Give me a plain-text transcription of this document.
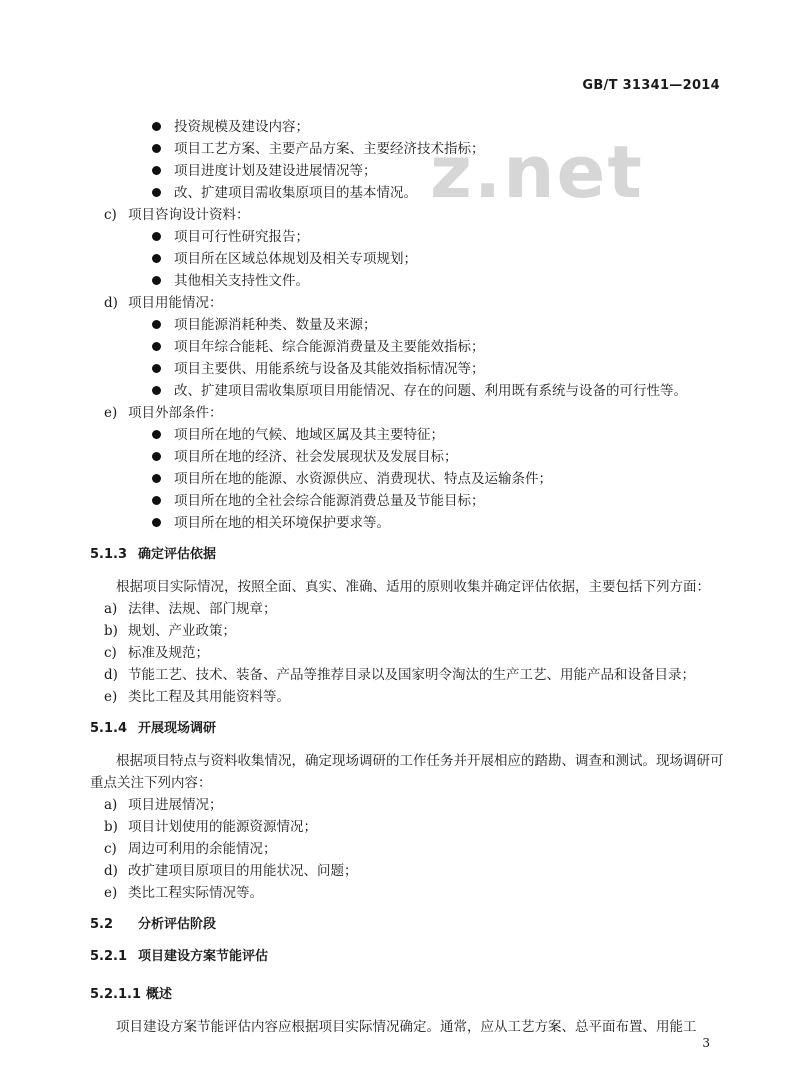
GB/T 31341—2014
z.net
投资规模及建设内容；
项目工艺方案、主要产品方案、主要经济技术指标；
项目进度计划及建设进展情况等；
改、扩建项目需收集原项目的基本情况。
c) 项目咨询设计资料：
项目可行性研究报告；
项目所在区域总体规划及相关专项规划；
其他相关支持性文件。
d) 项目用能情况：
项目能源消耗种类、数量及来源；
项目年综合能耗、综合能源消费量及主要能效指标；
项目主要供、用能系统与设备及其能效指标情况等；
改、扩建项目需收集原项目用能情况、存在的问题、利用既有系统与设备的可行性等。
e) 项目外部条件：
项目所在地的气候、地域区属及其主要特征；
项目所在地的经济、社会发展现状及发展目标；
项目所在地的能源、水资源供应、消费现状、特点及运输条件；
项目所在地的全社会综合能源消费总量及节能目标；
项目所在地的相关环境保护要求等。
5.1.3 确定评估依据
根据项目实际情况，按照全面、真实、准确、适用的原则收集并确定评估依据，主要包括下列方面：
a) 法律、法规、部门规章；
b) 规划、产业政策；
c) 标准及规范；
d) 节能工艺、技术、装备、产品等推荐目录以及国家明令淘汰的生产工艺、用能产品和设备目录；
e) 类比工程及其用能资料等。
5.1.4 开展现场调研
根据项目特点与资料收集情况，确定现场调研的工作任务并开展相应的踏勘、调查和测试。现场调研可重点关注下列内容：
a) 项目进展情况；
b) 项目计划使用的能源资源情况；
c) 周边可利用的余能情况；
d) 改扩建项目原项目的用能状况、问题；
e) 类比工程实际情况等。
5.2 分析评估阶段
5.2.1 项目建设方案节能评估
5.2.1.1 概述
项目建设方案节能评估内容应根据项目实际情况确定。通常，应从工艺方案、总平面布置、用能工
3
